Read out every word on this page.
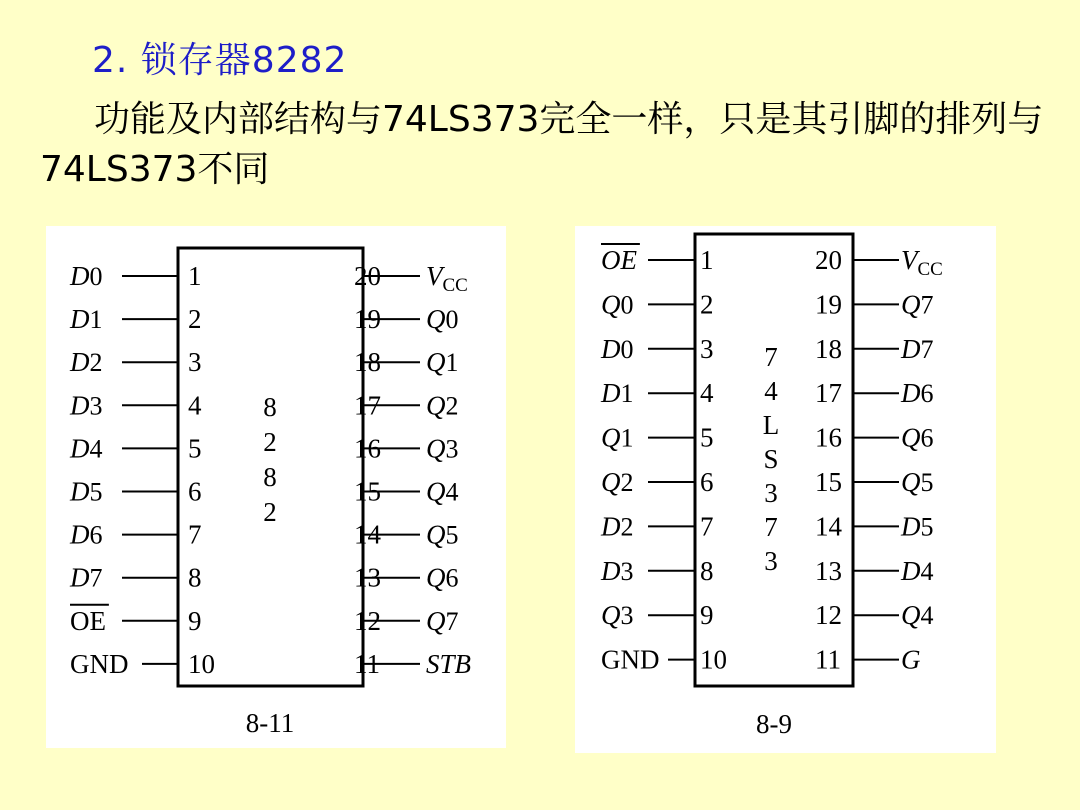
2. 锁存器8282
功能及内部结构与74LS373完全一样，只是其引脚的排列与74LS373不同
1
D0
2
D1
3
D2
4
D3
5
D4
6
D5
7
D6
8
D7
9
OE
10
GND
20 $V_{CC}$
19 Q0
18 Q1
17 Q2
16 Q3
15 Q4
14 Q5
13 Q6
12 Q7
11 STB
8
2
8
2
8-11
1
OE
2
Q0
3
D0
4
D1
5
Q1
6
Q2
7
D2
8
D3
9
Q3
10
GND
20 $V_{CC}$
19 Q7
18 D7
17 D6
16 Q6
15 Q5
14 D5
13 D4
12 Q4
11 G
7
4
L
S
3
7
3
8-9
